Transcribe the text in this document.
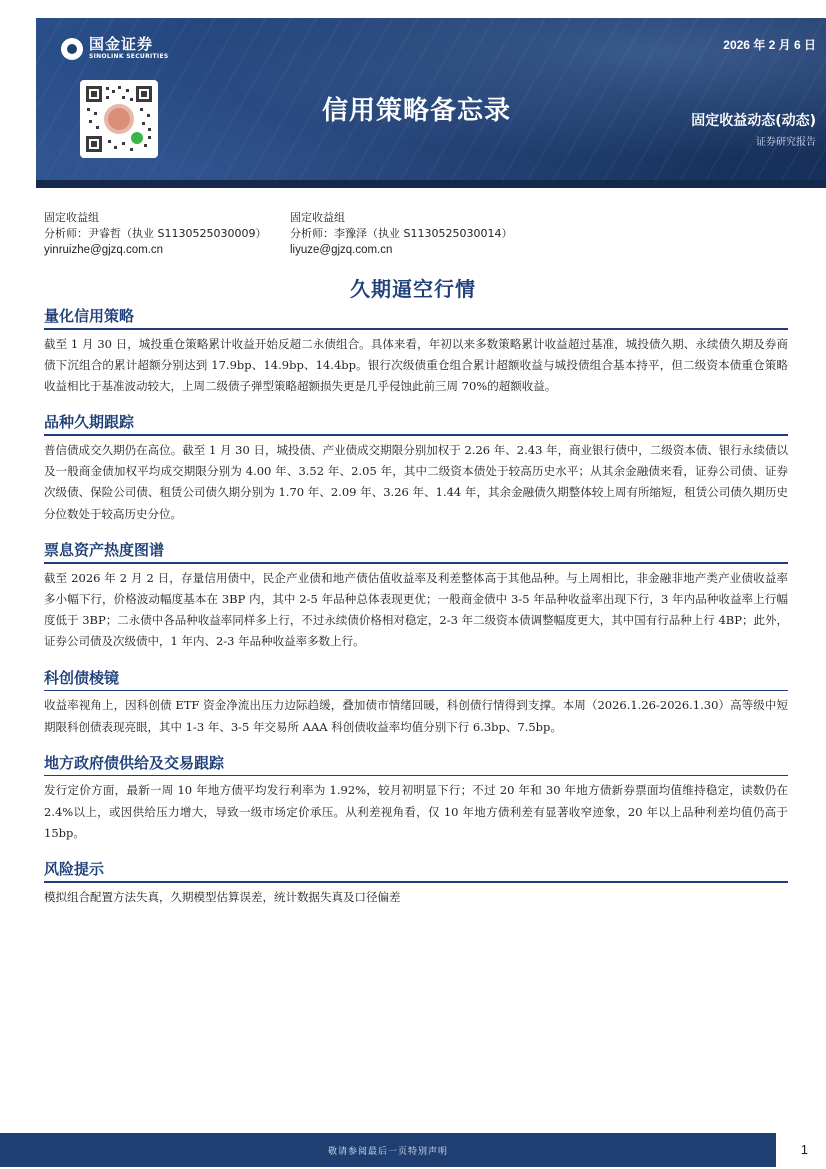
国金证券
SINOLINK SECURITIES
2026 年 2 月 6 日
信用策略备忘录	固定收益动态(动态)
证券研究报告
固定收益组
分析师：尹睿哲（执业 S1130525030009）
yinruizhe@gjzq.com.cn
固定收益组
分析师：李豫泽（执业 S1130525030014）
liyuze@gjzq.com.cn
久期逼空行情
量化信用策略
截至 1 月 30 日，城投重仓策略累计收益开始反超二永债组合。具体来看，年初以来多数策略累计收益超过基准，城投债久期、永续债久期及券商债下沉组合的累计超额分别达到 17.9bp、14.9bp、14.4bp。银行次级债重仓组合累计超额收益与城投债组合基本持平，但二级资本债重仓策略收益相比于基准波动较大，上周二级债子弹型策略超额损失更是几乎侵蚀此前三周 70%的超额收益。
品种久期跟踪
普信债成交久期仍在高位。截至 1 月 30 日，城投债、产业债成交期限分别加权于 2.26 年、2.43 年，商业银行债中，二级资本债、银行永续债以及一般商金债加权平均成交期限分别为 4.00 年、3.52 年、2.05 年，其中二级资本债处于较高历史水平；从其余金融债来看，证券公司债、证券次级债、保险公司债、租赁公司债久期分别为 1.70 年、2.09 年、3.26 年、1.44 年，其余金融债久期整体较上周有所缩短，租赁公司债久期历史分位数处于较高历史分位。
票息资产热度图谱
截至 2026 年 2 月 2 日，存量信用债中，民企产业债和地产债估值收益率及利差整体高于其他品种。与上周相比，非金融非地产类产业债收益率多小幅下行，价格波动幅度基本在 3BP 内，其中 2-5 年品种总体表现更优；一般商金债中 3-5 年品种收益率出现下行，3 年内品种收益率上行幅度低于 3BP；二永债中各品种收益率同样多上行，不过永续债价格相对稳定，2-3 年二级资本债调整幅度更大，其中国有行品种上行 4BP；此外，证券公司债及次级债中，1 年内、2-3 年品种收益率多数上行。
科创债棱镜
收益率视角上，因科创债 ETF 资金净流出压力边际趋缓，叠加债市情绪回暖，科创债行情得到支撑。本周（2026.1.26-2026.1.30）高等级中短期限科创债表现亮眼，其中 1-3 年、3-5 年交易所 AAA 科创债收益率均值分别下行 6.3bp、7.5bp。
地方政府债供给及交易跟踪
发行定价方面，最新一周 10 年地方债平均发行利率为 1.92%，较月初明显下行；不过 20 年和 30 年地方债新券票面均值维持稳定，读数仍在 2.4%以上，或因供给压力增大，导致一级市场定价承压。从利差视角看，仅 10 年地方债利差有显著收窄迹象，20 年以上品种利差均值仍高于 15bp。
风险提示
模拟组合配置方法失真，久期模型估算误差，统计数据失真及口径偏差
敬请参阅最后一页特别声明	1
